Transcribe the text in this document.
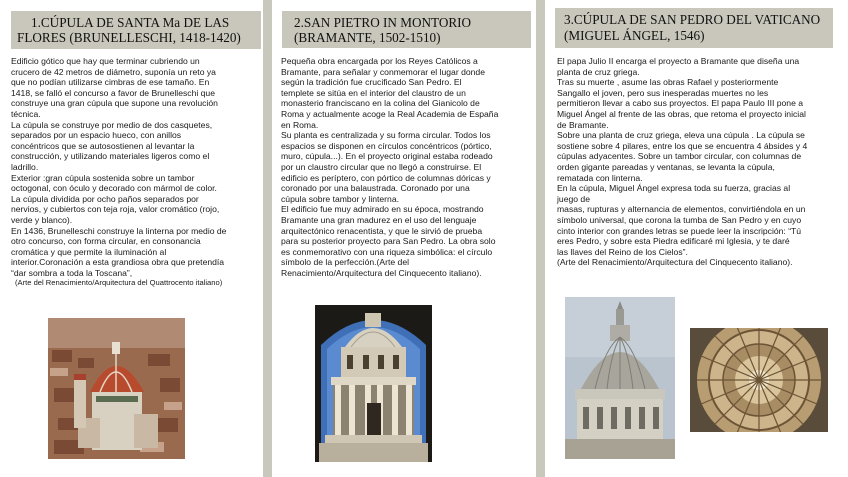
1.CÚPULA DE SANTA Ma DE LAS
FLORES (BRUNELLESCHI, 1418-1420)

Edificio gótico que hay que terminar cubriendo un

crucero de 42 metros de diámetro, suponía un reto ya

que no podían utilizarse cimbras de ese tamaño. En

1418, se falló el concurso a favor de Brunelleschi que

construye una gran cúpula que supone una revolución

técnica.

La cúpula se construye por medio de dos casquetes,

separados por un espacio hueco, con anillos

concéntricos que se autosostienen al levantar la

construcción, y utilizando materiales ligeros como el

ladrillo.

Exterior :gran cúpula sostenida sobre un tambor

octogonal, con óculo y decorado con mármol de color.

La cúpula dividida por ocho paños separados por

nervios, y cubiertos con teja roja, valor cromático (rojo,

verde y blanco).

En 1436, Brunelleschi construye la linterna por medio de

otro concurso, con forma circular, en consonancia

cromática y que permite la iluminación al

interior.Coronación a esta grandiosa obra que pretendía

“dar sombra a toda la Toscana”,

(Arte del Renacimiento/Arquitectura del Quattrocento italiano)

2.SAN PIETRO IN MONTORIO
(BRAMANTE, 1502-1510)

Pequeña obra encargada por los Reyes Católicos a

Bramante, para señalar y conmemorar el lugar donde

según la tradición fue crucificado San Pedro. El

templete se sitúa en el interior del claustro de un

monasterio franciscano en la colina del Gianicolo de

Roma y actualmente acoge la Real Academia de España

en Roma.

Su planta es centralizada y su forma circular. Todos los

espacios se disponen en círculos concéntricos (pórtico,

muro, cúpula...). En el proyecto original estaba rodeado

por un claustro circular que no llegó a construirse. El

edificio es períptero, con pórtico de columnas dóricas y

coronado por una balaustrada. Coronado por una

cúpula sobre tambor y linterna.

El edificio fue muy admirado en su época, mostrando

Bramante una gran madurez en el uso del lenguaje

arquitectónico renacentista, y que le sirvió de prueba

para su posterior proyecto para San Pedro. La obra solo

es conmemorativo con una riqueza simbólica: el círculo

símbolo de la perfección.(Arte del

Renacimiento/Arquitectura del Cinquecento italiano).

3.CÚPULA DE SAN PEDRO DEL VATICANO
(MIGUEL ÁNGEL, 1546)

El papa Julio II encarga el proyecto a Bramante que diseña una

planta de cruz griega.

Tras su muerte , asume las obras Rafael y posteriormente

Sangallo el joven, pero sus inesperadas muertes no les

permitieron llevar a cabo sus proyectos. El papa Paulo III pone a

Miguel Ángel al frente de las obras, que retoma el proyecto inicial

de Bramante.

Sobre una planta de cruz griega, eleva una cúpula . La cúpula se

sostiene sobre 4 pilares, entre los que se encuentra 4 ábsides y 4

cúpulas adyacentes. Sobre un tambor circular, con columnas de

orden gigante pareadas y ventanas, se levanta la cúpula,

rematada con linterna.

En la cúpula, Miguel Ángel expresa toda su fuerza, gracias al

juego de

masas, rupturas y alternancia de elementos, convirtiéndola en un

símbolo universal, que corona la tumba de San Pedro y en cuyo

cinto interior con grandes letras se puede leer la inscripción: “Tú

eres Pedro, y sobre esta Piedra edificaré mi Iglesia, y te daré

las llaves del Reino de los Cielos”.

(Arte del Renacimiento/Arquitectura del Cinquecento italiano).
